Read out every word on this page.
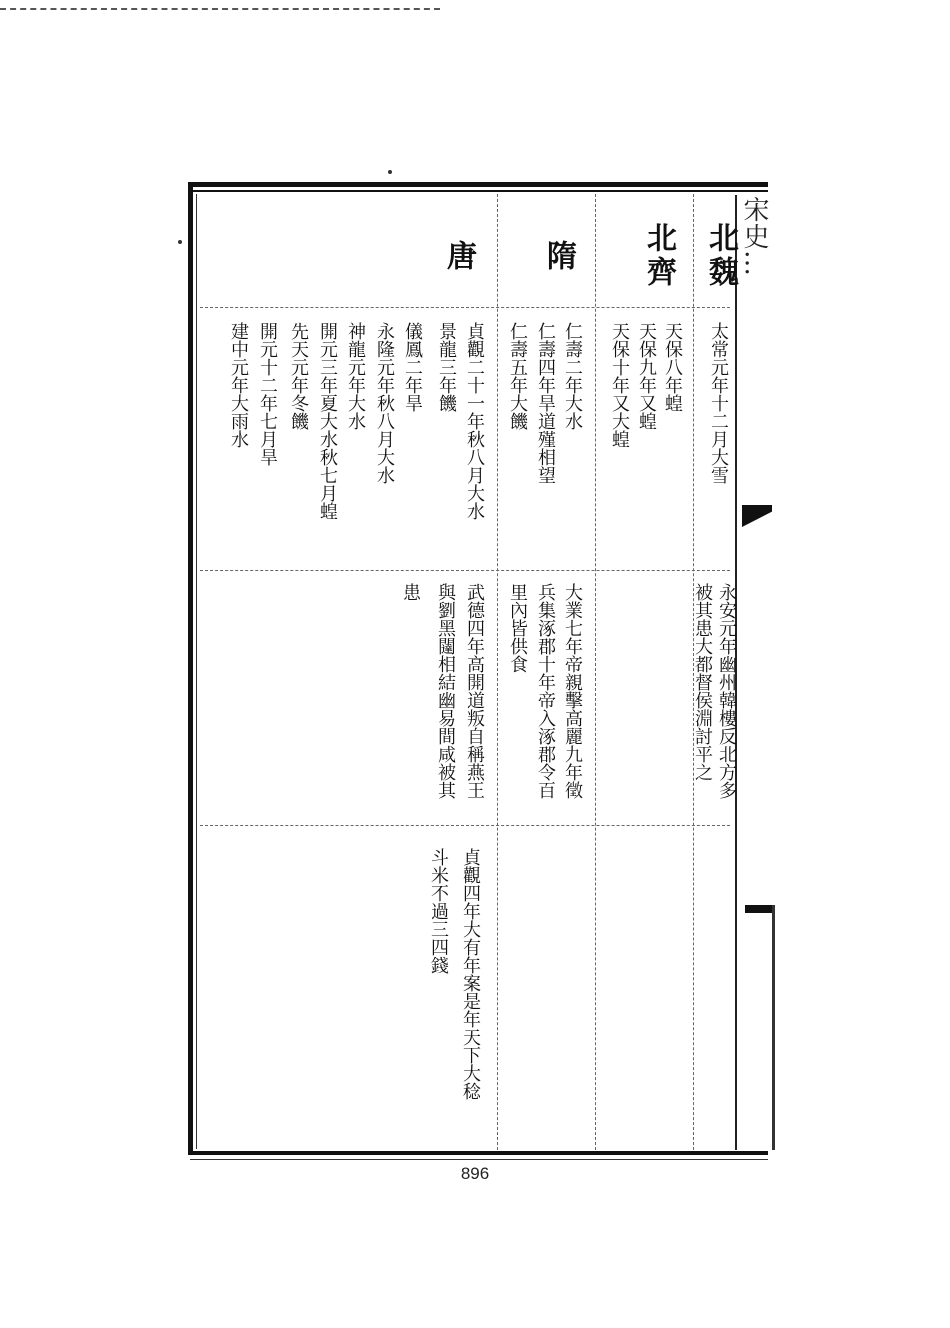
宋史…
北魏
太常元年十二月大雪
永安元年幽州韓樓反北方多
被其患大都督侯淵討平之
北齊
天保八年蝗
天保九年又蝗
天保十年又大蝗
隋
仁壽二年大水
仁壽四年旱道殣相望
仁壽五年大饑
大業七年帝親擊高麗九年徵
兵集涿郡十年帝入涿郡令百
里內皆供食
唐
貞觀二十一年秋八月大水
景龍三年饑
儀鳳二年旱
永隆元年秋八月大水
神龍元年大水
開元三年夏大水秋七月蝗
先天元年冬饑
開元十二年七月旱
建中元年大雨水
武德四年高開道叛自稱燕王
與劉黑闥相結幽易間咸被其
患
貞觀四年大有年案是年天下大稔
斗米不過三四錢
896
